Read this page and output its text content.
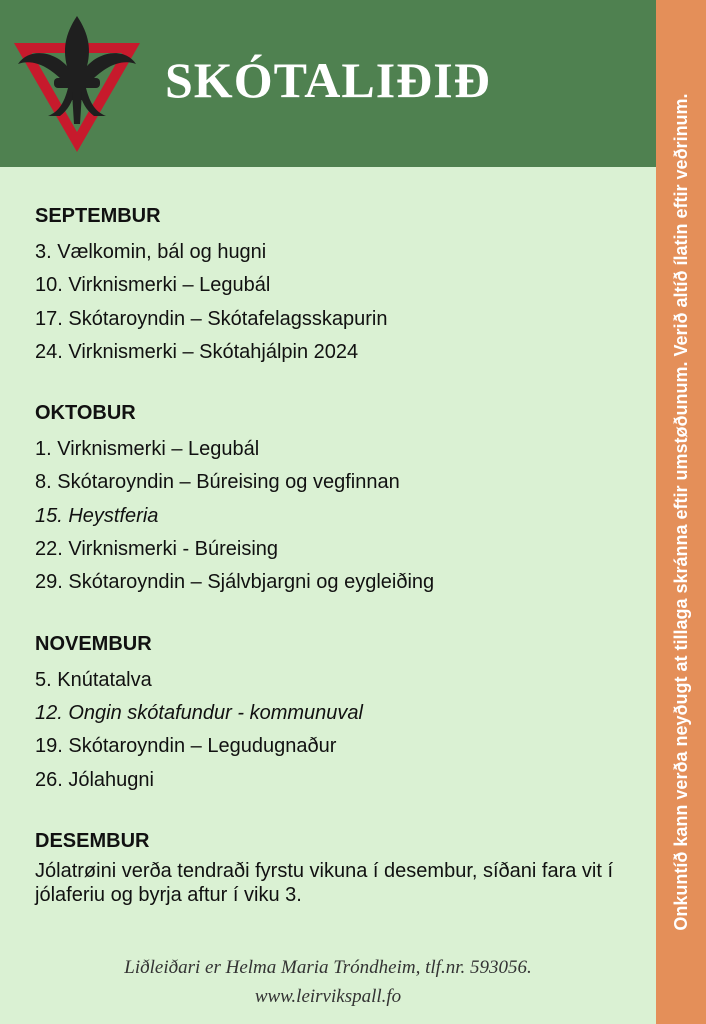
SKÓTALIÐIÐ
Onkuntíð kann verða neyðugt at tillaga skránna eftir umstøðunum. Verið altíð ílatin eftir veðrinum.
SEPTEMBUR
3. Vælkomin, bál og hugni
10. Virknismerki – Legubál
17. Skótaroyndin – Skótafelagsskapurin
24. Virknismerki – Skótahjálpin 2024
OKTOBUR
1. Virknismerki – Legubál
8. Skótaroyndin – Búreising og vegfinnan
15. Heystferia
22. Virknismerki - Búreising
29. Skótaroyndin – Sjálvbjargni og eygleiðing
NOVEMBUR
5. Knútatalva
12. Ongin skótafundur - kommunuval
19. Skótaroyndin – Legudugnaður
26. Jólahugni
DESEMBUR
Jólatrøini verða tendraði fyrstu vikuna í desembur, síðani fara vit í jólaferiu og byrja aftur í viku 3.
Liðleiðari er Helma Maria Tróndheim, tlf.nr. 593056.
www.leirvikspall.fo
